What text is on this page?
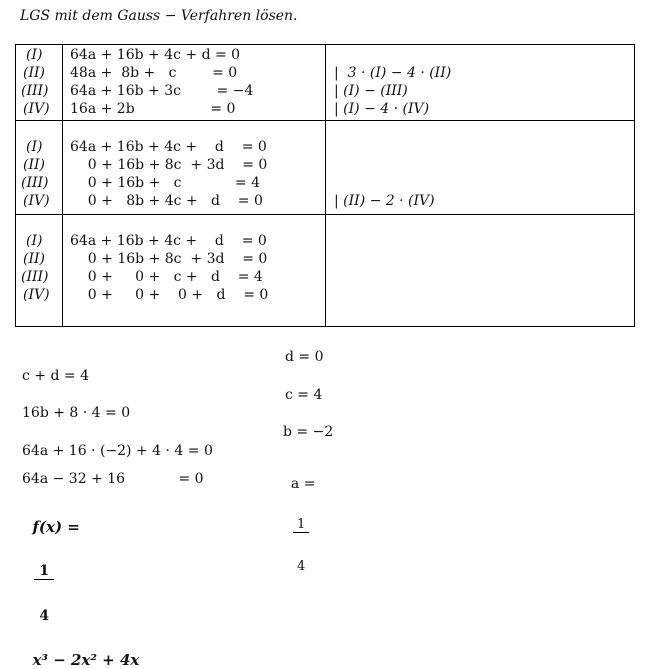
LGS mit dem Gauss − Verfahren lösen.
(I)
(II)
(III)
(IV)
64a + 16b + 4c + d = 0
48a +  8b +   c        = 0
64a + 16b + 3c        = −4
16a + 2b                 = 0
|  3 · (I) − 4 · (II)
| (I) − (III)
| (I) − 4 · (IV)
(I)
(II)
(III)
(IV)
64a + 16b + 4c +    d    = 0
0 + 16b + 8c  + 3d    = 0
0 + 16b +   c            = 4
0 +   8b + 4c +   d    = 0	| (II) − 2 · (IV)
(I)
(II)
(III)
(IV)
64a + 16b + 4c +    d    = 0
0 + 16b + 8c  + 3d    = 0
0 +     0 +   c +   d    = 4
0 +     0 +    0 +   d    = 0
d = 0
c + d = 4
c = 4
16b + 8 · 4 = 0
b = −2
64a + 16 · (−2) + 4 · 4 = 0
64a − 32 + 16            = 0	a =

$\frac{1}{4}$

f(x) =

$\frac{1}{4}$

x³ − 2x² + 4x
